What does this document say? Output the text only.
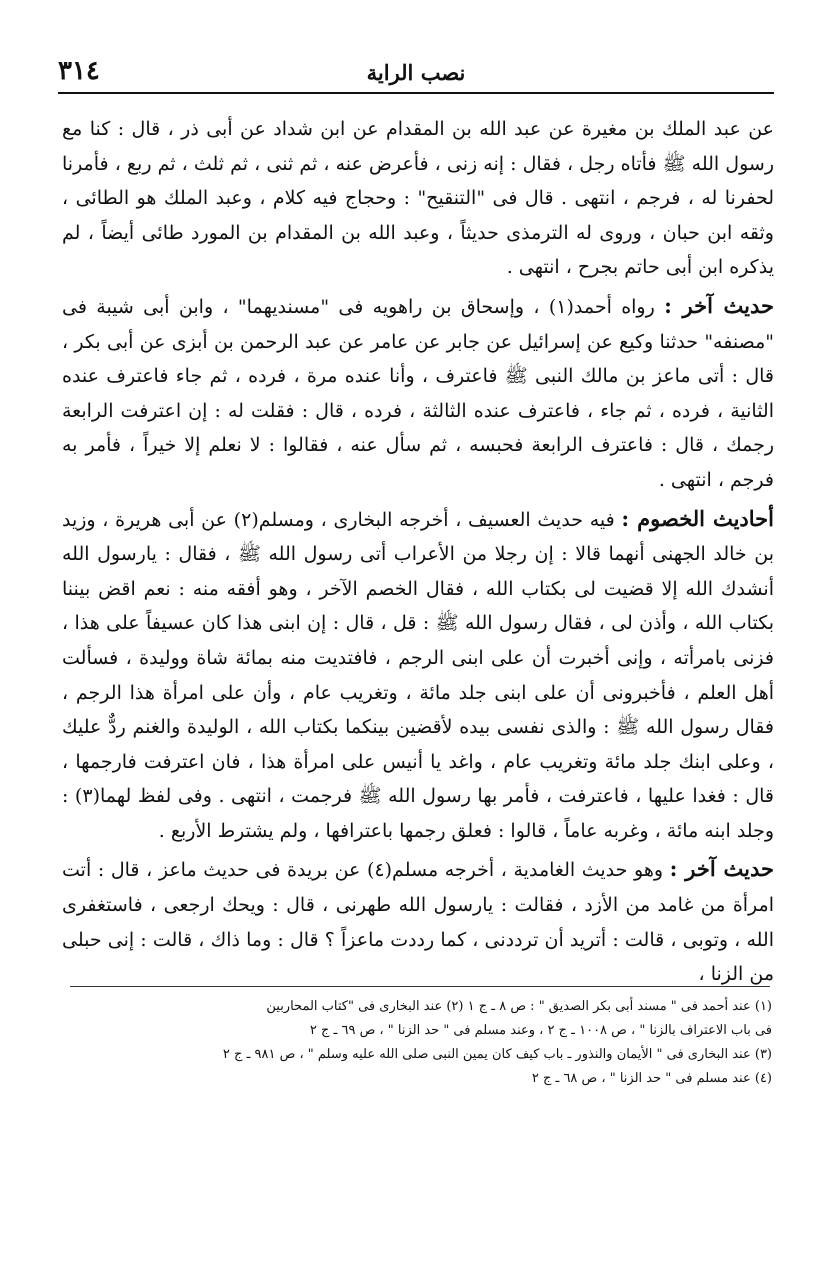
٣١٤	نصب الراية

عن عبد الملك بن مغيرة عن عبد الله بن المقدام عن ابن شداد عن أبى ذر ، قال : كنا مع رسول الله ﷺ فأتاه رجل ، فقال : إنه زنى ، فأعرض عنه ، ثم ثنى ، ثم ثلث ، ثم ربع ، فأمرنا لحفرنا له ، فرجم ، انتهى . قال فى "التنقيح" : وحجاج فيه كلام ، وعبد الملك هو الطائى ، وثقه ابن حبان ، وروى له الترمذى حديثاً ، وعبد الله بن المقدام بن المورد طائى أيضاً ، لم يذكره ابن أبى حاتم بجرح ، انتهى .

حديث آخر : رواه أحمد(١) ، وإسحاق بن راهويه فى "مسنديهما" ، وابن أبى شيبة فى "مصنفه" حدثنا وكيع عن إسرائيل عن جابر عن عامر عن عبد الرحمن بن أبزى عن أبى بكر ، قال : أتى ماعز بن مالك النبى ﷺ فاعترف ، وأنا عنده مرة ، فرده ، ثم جاء فاعترف عنده الثانية ، فرده ، ثم جاء ، فاعترف عنده الثالثة ، فرده ، قال : فقلت له : إن اعترفت الرابعة رجمك ، قال : فاعترف الرابعة فحبسه ، ثم سأل عنه ، فقالوا : لا نعلم إلا خيراً ، فأمر به فرجم ، انتهى .

أحاديث الخصوم : فيه حديث العسيف ، أخرجه البخارى ، ومسلم(٢) عن أبى هريرة ، وزيد بن خالد الجهنى أنهما قالا : إن رجلا من الأعراب أتى رسول الله ﷺ ، فقال : يارسول الله أنشدك الله إلا قضيت لى بكتاب الله ، فقال الخصم الآخر ، وهو أفقه منه : نعم اقض بيننا بكتاب الله ، وأذن لى ، فقال رسول الله ﷺ : قل ، قال : إن ابنى هذا كان عسيفاً على هذا ، فزنى بامرأته ، وإنى أخبرت أن على ابنى الرجم ، فافتديت منه بمائة شاة ووليدة ، فسألت أهل العلم ، فأخبرونى أن على ابنى جلد مائة ، وتغريب عام ، وأن على امرأة هذا الرجم ، فقال رسول الله ﷺ : والذى نفسى بيده لأقضين بينكما بكتاب الله ، الوليدة والغنم ردٌّ عليك ، وعلى ابنك جلد مائة وتغريب عام ، واغد يا أنيس على امرأة هذا ، فان اعترفت فارجمها ، قال : فغدا عليها ، فاعترفت ، فأمر بها رسول الله ﷺ فرجمت ، انتهى . وفى لفظ لهما(٣) : وجلد ابنه مائة ، وغربه عاماً ، قالوا : فعلق رجمها باعترافها ، ولم يشترط الأربع .

حديث آخر : وهو حديث الغامدية ، أخرجه مسلم(٤) عن بريدة فى حديث ماعز ، قال : أتت امرأة من غامد من الأزد ، فقالت : يارسول الله طهرنى ، قال : ويحك ارجعى ، فاستغفرى الله ، وتوبى ، قالت : أتريد أن ترددنى ، كما رددت ماعزاً ؟ قال : وما ذاك ، قالت : إنى حبلى من الزنا ،

(١) عند أحمد فى " مسند أبى بكر الصديق " : ص ٨ ـ ج ١ (٢) عند البخارى فى "كتاب المحاربين

فى باب الاعتراف بالزنا " ، ص ١٠٠٨ ـ ج ٢ ، وعند مسلم فى " حد الزنا " ، ص ٦٩ ـ ج ٢

(٣) عند البخارى فى " الأيمان والنذور ـ باب كيف كان يمين النبى صلى الله عليه وسلم " ، ص ٩٨١ ـ ج ٢

(٤) عند مسلم فى " حد الزنا " ، ص ٦٨ ـ ج ٢
